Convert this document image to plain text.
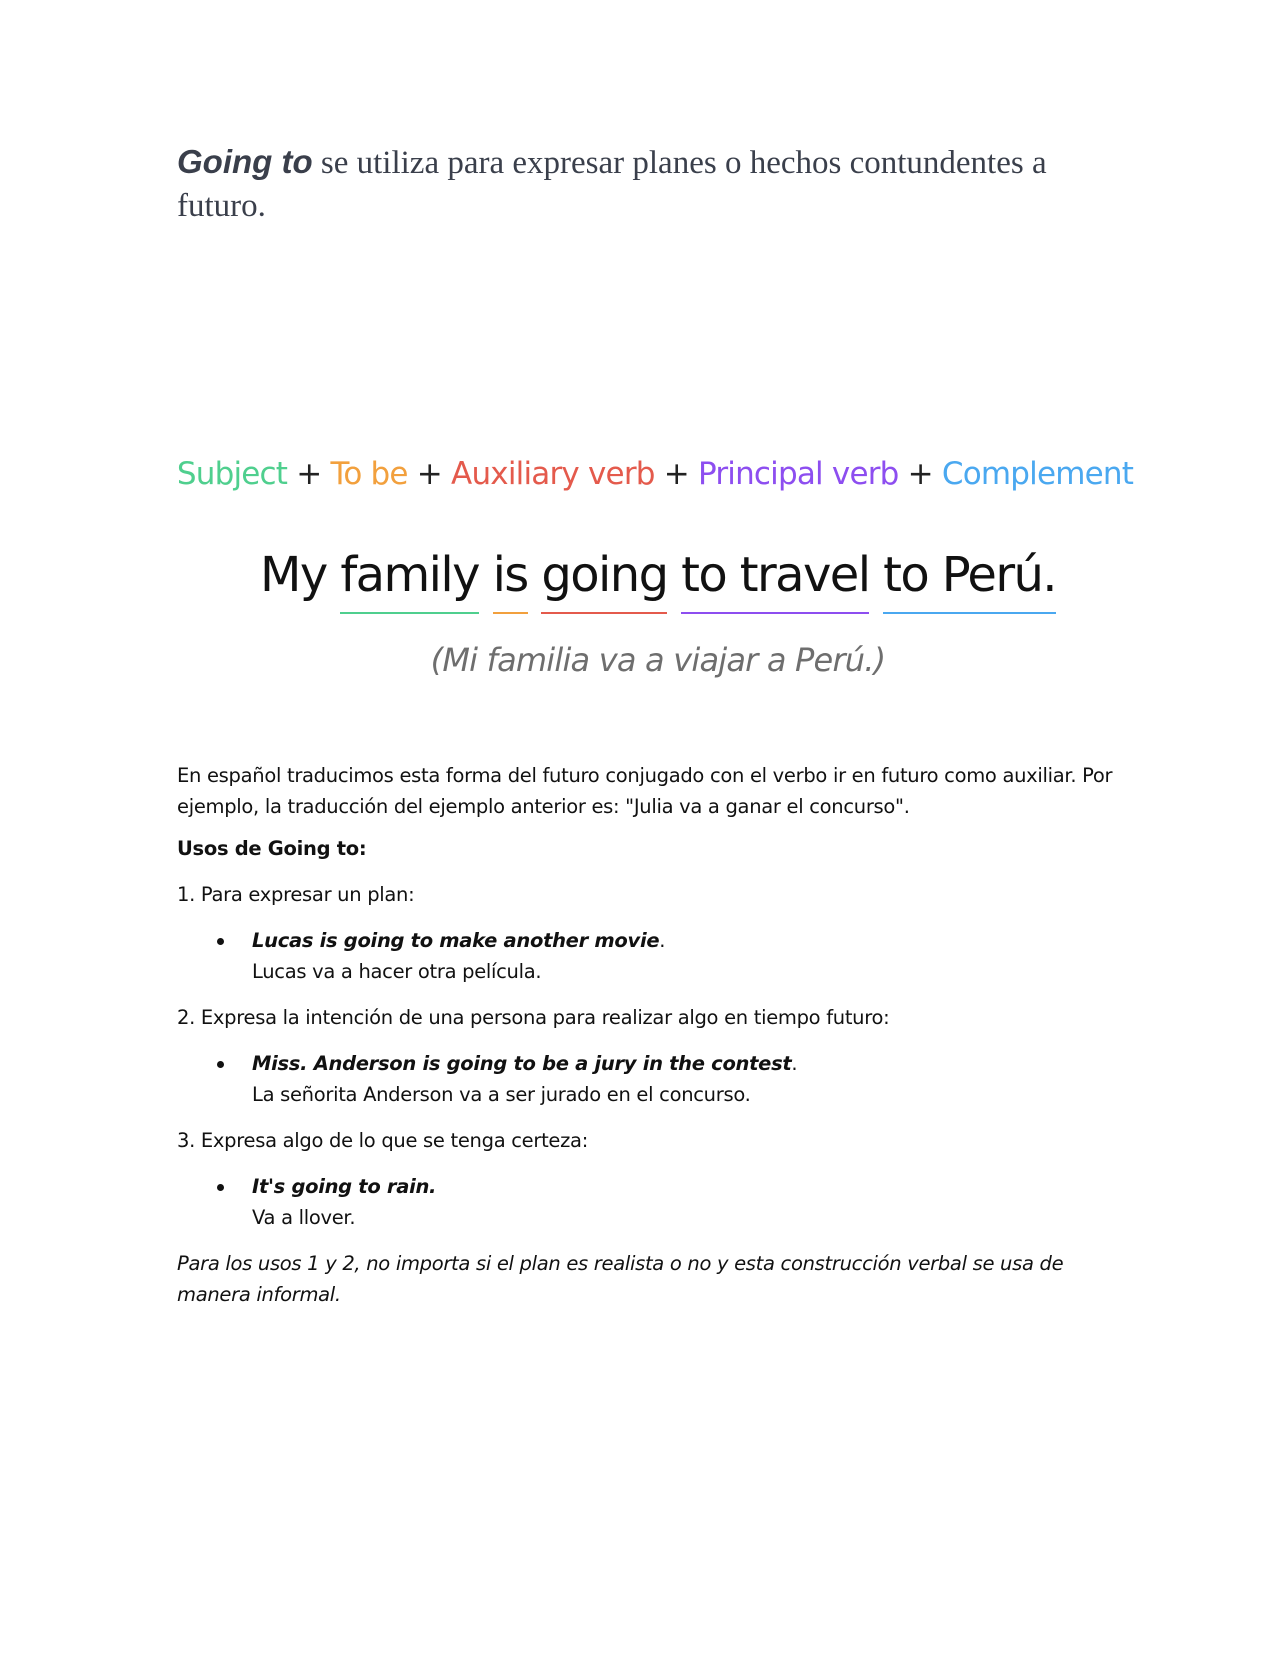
Going to se utiliza para expresar planes o hechos contundentes a futuro.

Subject + To be + Auxiliary verb + Principal verb + Complement
My family is going to travel to Perú.
(Mi familia va a viajar a Perú.)

En español traducimos esta forma del futuro conjugado con el verbo ir en futuro como auxiliar. Por ejemplo, la traducción del ejemplo anterior es: "Julia va a ganar el concurso".

Usos de Going to:

1. Para expresar un plan:

Lucas is going to make another movie.
Lucas va a hacer otra película.

2. Expresa la intención de una persona para realizar algo en tiempo futuro:

Miss. Anderson is going to be a jury in the contest.
La señorita Anderson va a ser jurado en el concurso.

3. Expresa algo de lo que se tenga certeza:

It's going to rain.
Va a llover.

Para los usos 1 y 2, no importa si el plan es realista o no y esta construcción verbal se usa de manera informal.
